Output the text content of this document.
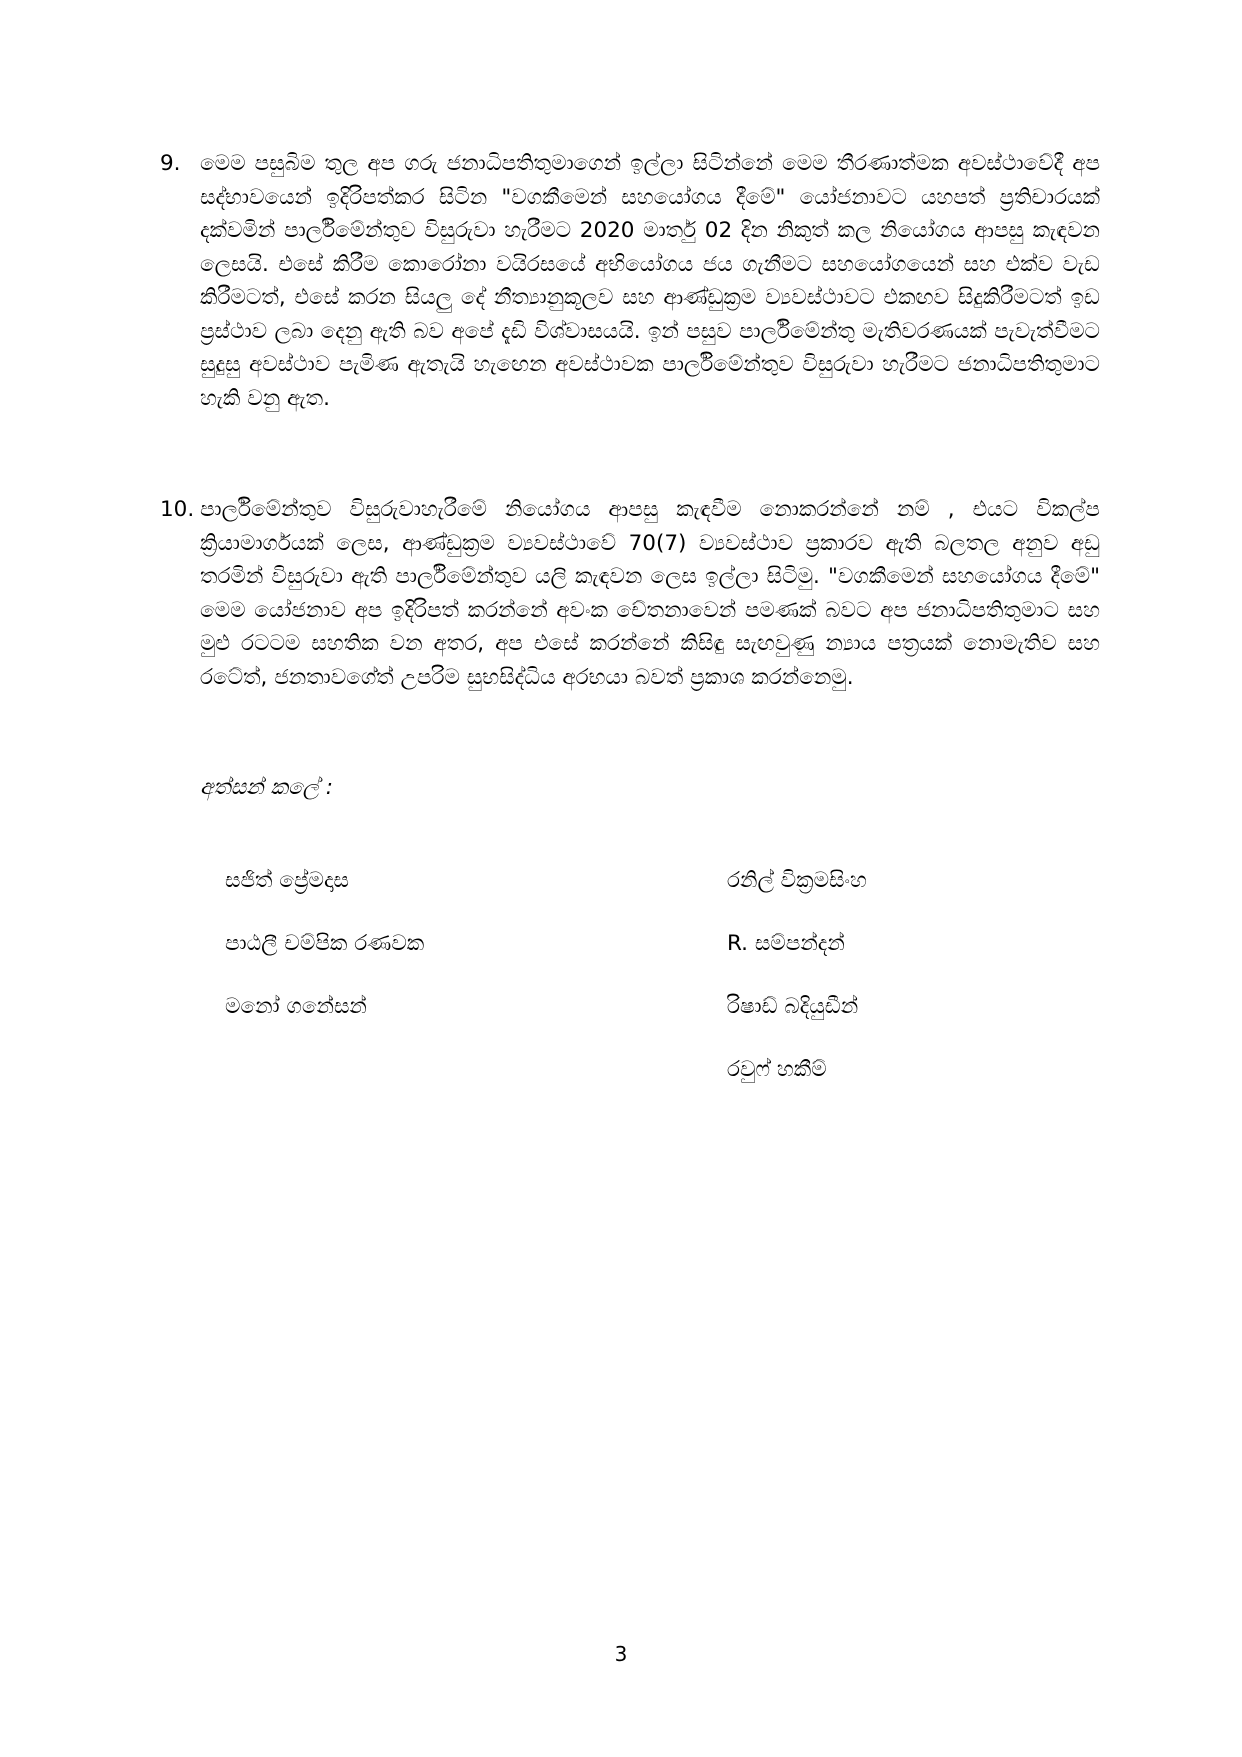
9. මෙම පසුබිම තුල අප ගරු ජනාධිපතිතුමාගෙන් ඉල්ලා සිටින්නේ මෙම තීරණාත්මක අවස්ථාවේදී අප සද්භාවයෙන් ඉදිරිපත්කර සිටින "වගකීමෙන් සහයෝගය දීමේ" යෝජනාවට යහපත් ප්‍රතිචාරයක් දක්වමින් පාර්ලිමේන්තුව විසුරුවා හැරීමට 2020 මාර්තු 02 දින නිකුත් කල නියෝගය ආපසු කැඳවන ලෙසයි. එසේ කිරීම කොරෝනා වයිරසයේ අභියෝගය ජය ගැනීමට සහයෝගයෙන් සහ එක්ව වැඩ කිරීමටත්, එසේ කරන සියලු දේ නීත්‍යානුකූලව සහ ආණ්ඩුක්‍රම ව්‍යවස්ථාවට එකඟව සිදුකිරීමටත් ඉඩ ප්‍රස්ථාව ලබා දෙනු ඇති බව අපේ දැඩි විශ්වාසයයි. ඉන් පසුව පාර්ලිමේන්තු මැතිවරණයක් පැවැත්වීමට සුදුසු අවස්ථාව පැමිණ ඇතැයි හැඟෙන අවස්ථාවක පාර්ලිමේන්තුව විසුරුවා හැරීමට ජනාධිපතිතුමාට හැකි වනු ඇත.
10. පාර්ලිමේන්තුව විසුරුවාහැරීමේ නියෝගය ආපසු කැඳවීම නොකරන්නේ නම් , එයට විකල්ප ක්‍රියාමාර්ගයක් ලෙස, ආණ්ඩුක්‍රම ව්‍යවස්ථාවේ 70(7) ව්‍යවස්ථාව ප්‍රකාරව ඇති බලතල අනුව අඩු තරමින් විසුරුවා ඇති පාර්ලිමේන්තුව යලි කැඳවන ලෙස ඉල්ලා සිටිමු. "වගකීමෙන් සහයෝගය දීමේ" මෙම යෝජනාව අප ඉදිරිපත් කරන්නේ අවංක චේතනාවෙන් පමණක් බවට අප ජනාධිපතිතුමාට සහ මුළු රටටම සහතික වන අතර, අප එසේ කරන්නේ කිසිඳු සැඟවුණු න්‍යාය පත්‍රයක් නොමැතිව සහ රටේත්, ජනතාවගේත් උපරිම සුභසිද්ධිය අරභයා බවත් ප්‍රකාශ කරන්නෙමු.
අත්සන් කලේ :
සජිත් ප්‍රේමදාස
පාඨලී චම්පික රණවක
මනෝ ගනේසන්
රනිල් වික්‍රමසිංහ
R. සම්පන්දන්
රිෂාඩ් බදියුඩීන්
රවුෆ් හකීම්
3
